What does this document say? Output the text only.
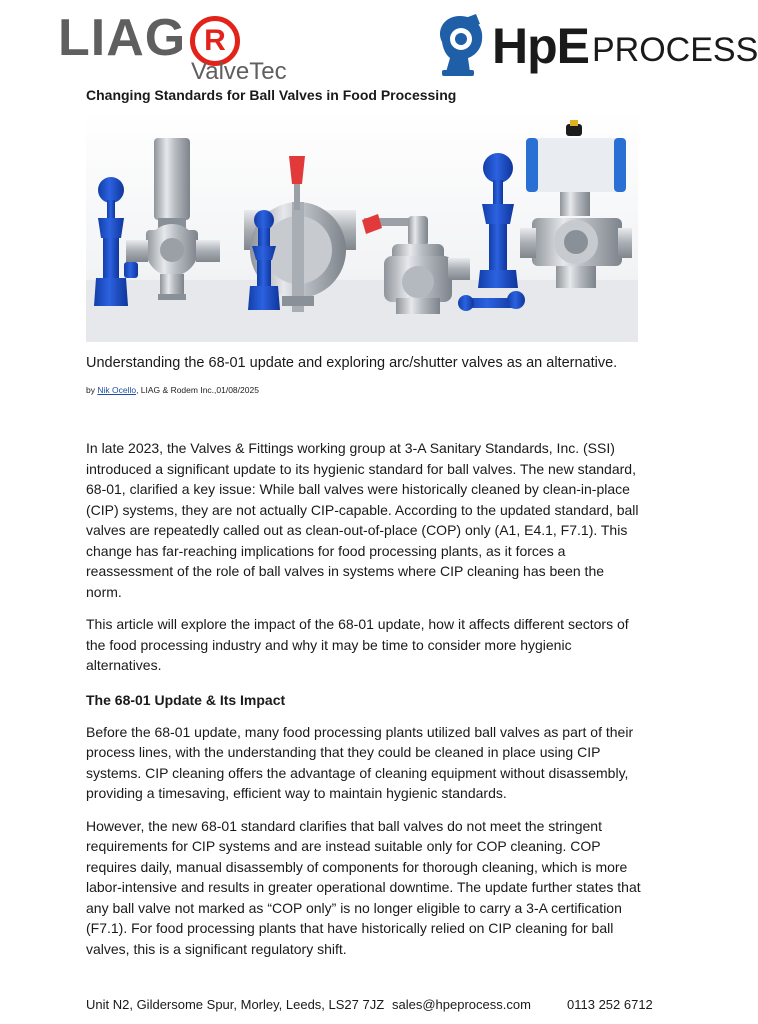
LIAG R
ValveTec	HpE PROCESS
Changing Standards for Ball Valves in Food Processing

Understanding the 68-01 update and exploring arc/shutter valves as an alternative.

by Nik Ocello, LIAG & Rodem Inc.,01/08/2025

In late 2023, the Valves & Fittings working group at 3-A Sanitary Standards, Inc. (SSI) introduced a significant update to its hygienic standard for ball valves. The new standard, 68-01, clarified a key issue: While ball valves were historically cleaned by clean-in-place (CIP) systems, they are not actually CIP-capable. According to the updated standard, ball valves are repeatedly called out as clean-out-of-place (COP) only (A1, E4.1, F7.1). This change has far-reaching implications for food processing plants, as it forces a reassessment of the role of ball valves in systems where CIP cleaning has been the norm.

This article will explore the impact of the 68-01 update, how it affects different sectors of the food processing industry and why it may be time to consider more hygienic alternatives.

The 68-01 Update & Its Impact

Before the 68-01 update, many food processing plants utilized ball valves as part of their process lines, with the understanding that they could be cleaned in place using CIP systems. CIP cleaning offers the advantage of cleaning equipment without disassembly, providing a timesaving, efficient way to maintain hygienic standards.

However, the new 68-01 standard clarifies that ball valves do not meet the stringent requirements for CIP systems and are instead suitable only for COP cleaning. COP requires daily, manual disassembly of components for thorough cleaning, which is more labor-intensive and results in greater operational downtime. The update further states that any ball valve not marked as “COP only” is no longer eligible to carry a 3-A certification (F7.1). For food processing plants that have historically relied on CIP cleaning for ball valves, this is a significant regulatory shift.

Unit N2, Gildersome Spur, Morley, Leeds, LS27 7JZ sales@hpeprocess.com	0113 252 6712
